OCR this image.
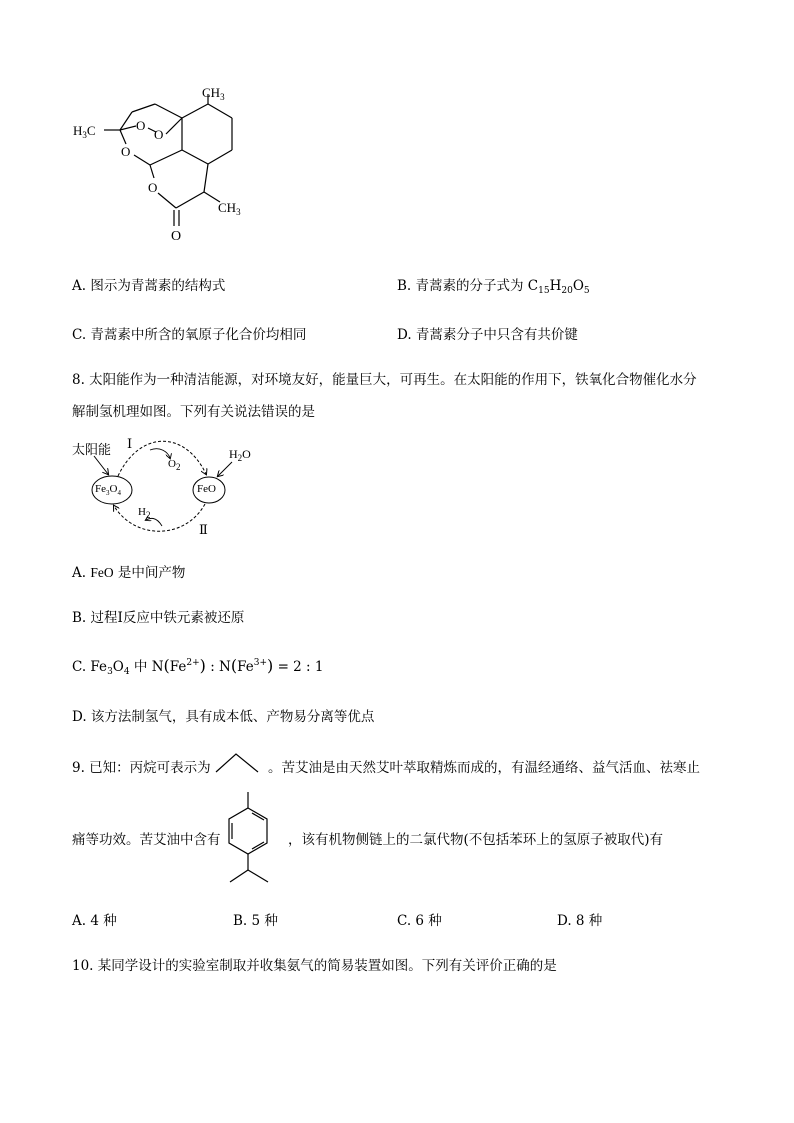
$CH_3$
$H_3C$	O
O
O
O
$CH_3$
O
A. 图示为青蒿素的结构式	B. 青蒿素的分子式为 $C_{15}H_{20}O_5$
C. 青蒿素中所含的氧原子化合价均相同	D. 青蒿素分子中只含有共价键
8. 太阳能作为一种清洁能源，对环境友好，能量巨大，可再生。在太阳能的作用下，铁氧化合物催化水分
解制氢机理如图。下列有关说法错误的是
太阳能 Ⅰ
$O_2$
$H_2O$
$H_2$
Ⅱ
$Fe_3O_4$	FeO
A. FeO 是中间产物
B. 过程Ⅰ反应中铁元素被还原
C. $Fe_3O_4$ 中 $N(Fe^{2+})$ : $N(Fe^{3+}) = 2$ : 1
D. 该方法制氢气，具有成本低、产物易分离等优点
9. 已知：丙烷可表示为	。苦艾油是由天然艾叶萃取精炼而成的，有温经通络、益气活血、祛寒止
痛等功效。苦艾油中含有	，该有机物侧链上的二氯代物(不包括苯环上的氢原子被取代)有
A. 4 种	B. 5 种	C. 6 种	D. 8 种
10. 某同学设计的实验室制取并收集氨气的简易装置如图。下列有关评价正确的是
